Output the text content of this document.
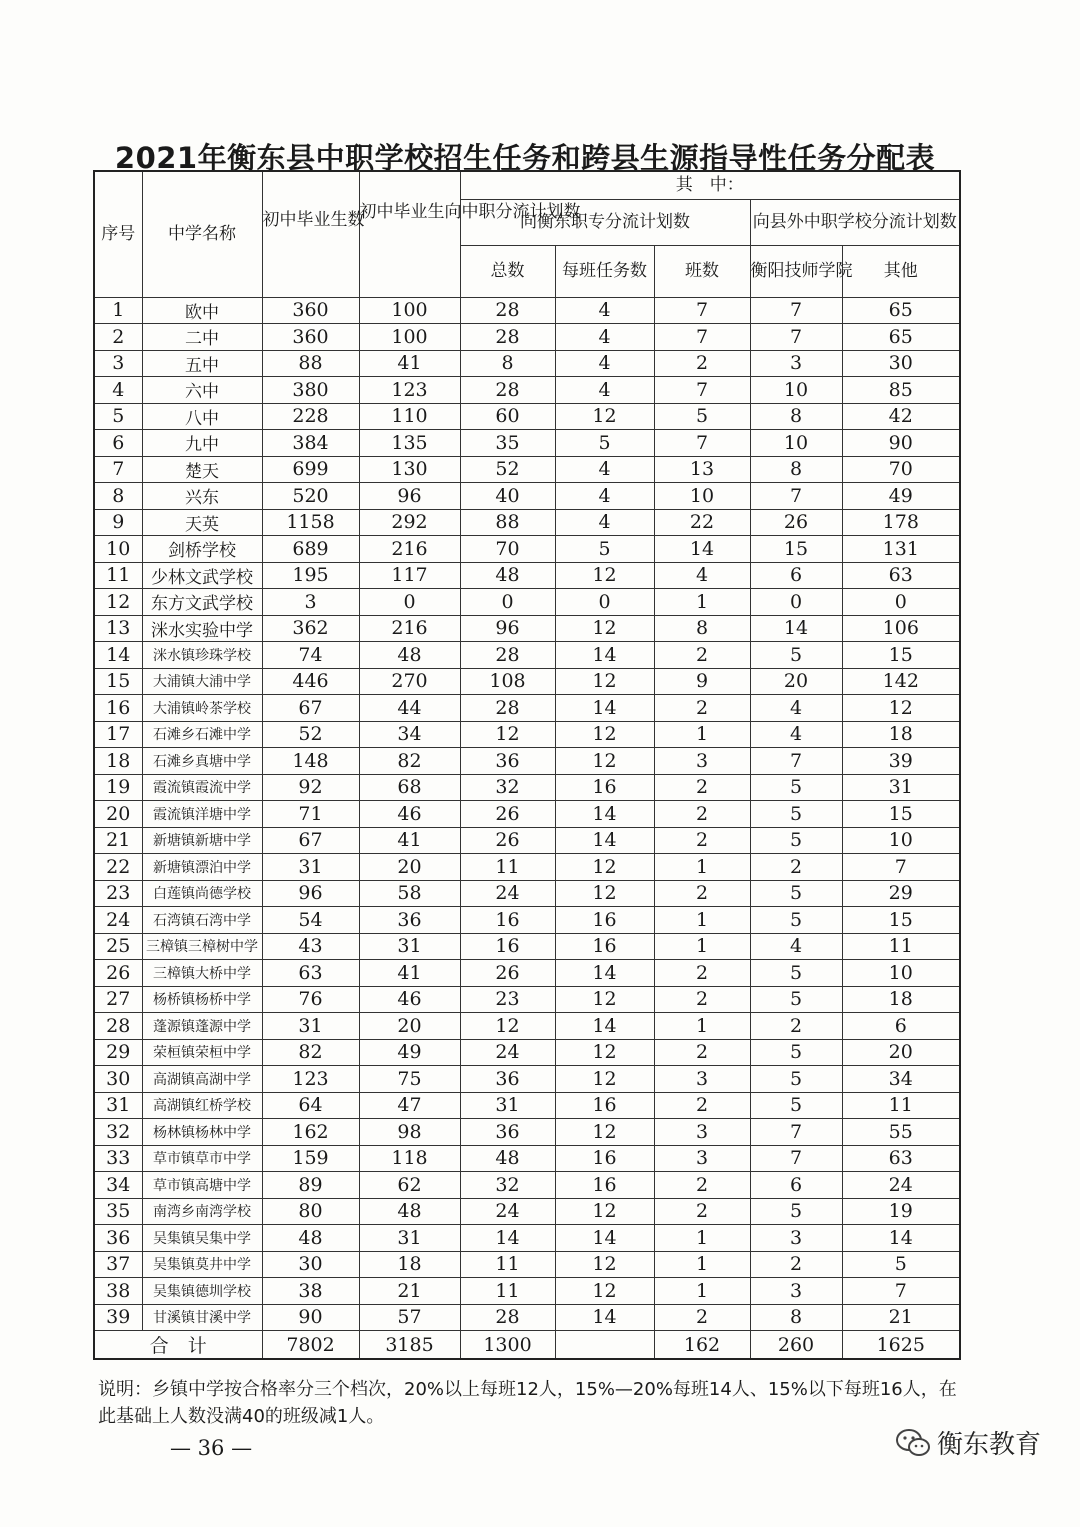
2021年衡东县中职学校招生任务和跨县生源指导性任务分配表
序号	中学名称	初中毕业生数	初中毕业生向中职分流计划数	其　中：				
				向衡东职专分流计划数			向县外中职学校分流计划数	
				总数	每班任务数	班数	衡阳技师学院	其他
1	欧中	360	100	28	4	7	7	65
2	二中	360	100	28	4	7	7	65
3	五中	88	41	8	4	2	3	30
4	六中	380	123	28	4	7	10	85
5	八中	228	110	60	12	5	8	42
6	九中	384	135	35	5	7	10	90
7	楚天	699	130	52	4	13	8	70
8	兴东	520	96	40	4	10	7	49
9	天英	1158	292	88	4	22	26	178
10	剑桥学校	689	216	70	5	14	15	131
11	少林文武学校	195	117	48	12	4	6	63
12	东方文武学校	3	0	0	0	1	0	0
13	洣水实验中学	362	216	96	12	8	14	106
14	洣水镇珍珠学校	74	48	28	14	2	5	15
15	大浦镇大浦中学	446	270	108	12	9	20	142
16	大浦镇岭茶学校	67	44	28	14	2	4	12
17	石滩乡石滩中学	52	34	12	12	1	4	18
18	石滩乡真塘中学	148	82	36	12	3	7	39
19	霞流镇霞流中学	92	68	32	16	2	5	31
20	霞流镇洋塘中学	71	46	26	14	2	5	15
21	新塘镇新塘中学	67	41	26	14	2	5	10
22	新塘镇漂泊中学	31	20	11	12	1	2	7
23	白莲镇尚德学校	96	58	24	12	2	5	29
24	石湾镇石湾中学	54	36	16	16	1	5	15
25	三樟镇三樟树中学	43	31	16	16	1	4	11
26	三樟镇大桥中学	63	41	26	14	2	5	10
27	杨桥镇杨桥中学	76	46	23	12	2	5	18
28	蓬源镇蓬源中学	31	20	12	14	1	2	6
29	荣桓镇荣桓中学	82	49	24	12	2	5	20
30	高湖镇高湖中学	123	75	36	12	3	5	34
31	高湖镇红桥学校	64	47	31	16	2	5	11
32	杨林镇杨林中学	162	98	36	12	3	7	55
33	草市镇草市中学	159	118	48	16	3	7	63
34	草市镇高塘中学	89	62	32	16	2	6	24
35	南湾乡南湾学校	80	48	24	12	2	5	19
36	吴集镇吴集中学	48	31	14	14	1	3	14
37	吴集镇莫井中学	30	18	11	12	1	2	5
38	吴集镇德圳学校	38	21	11	12	1	3	7
39	甘溪镇甘溪中学	90	57	28	14	2	8	21
合　计		7802	3185	1300		162	260	1625
说明：乡镇中学按合格率分三个档次，20%以上每班12人，15%—20%每班14人、15%以下每班16人，在此基础上人数没满40的班级减1人。
— 36 —	衡东教育
